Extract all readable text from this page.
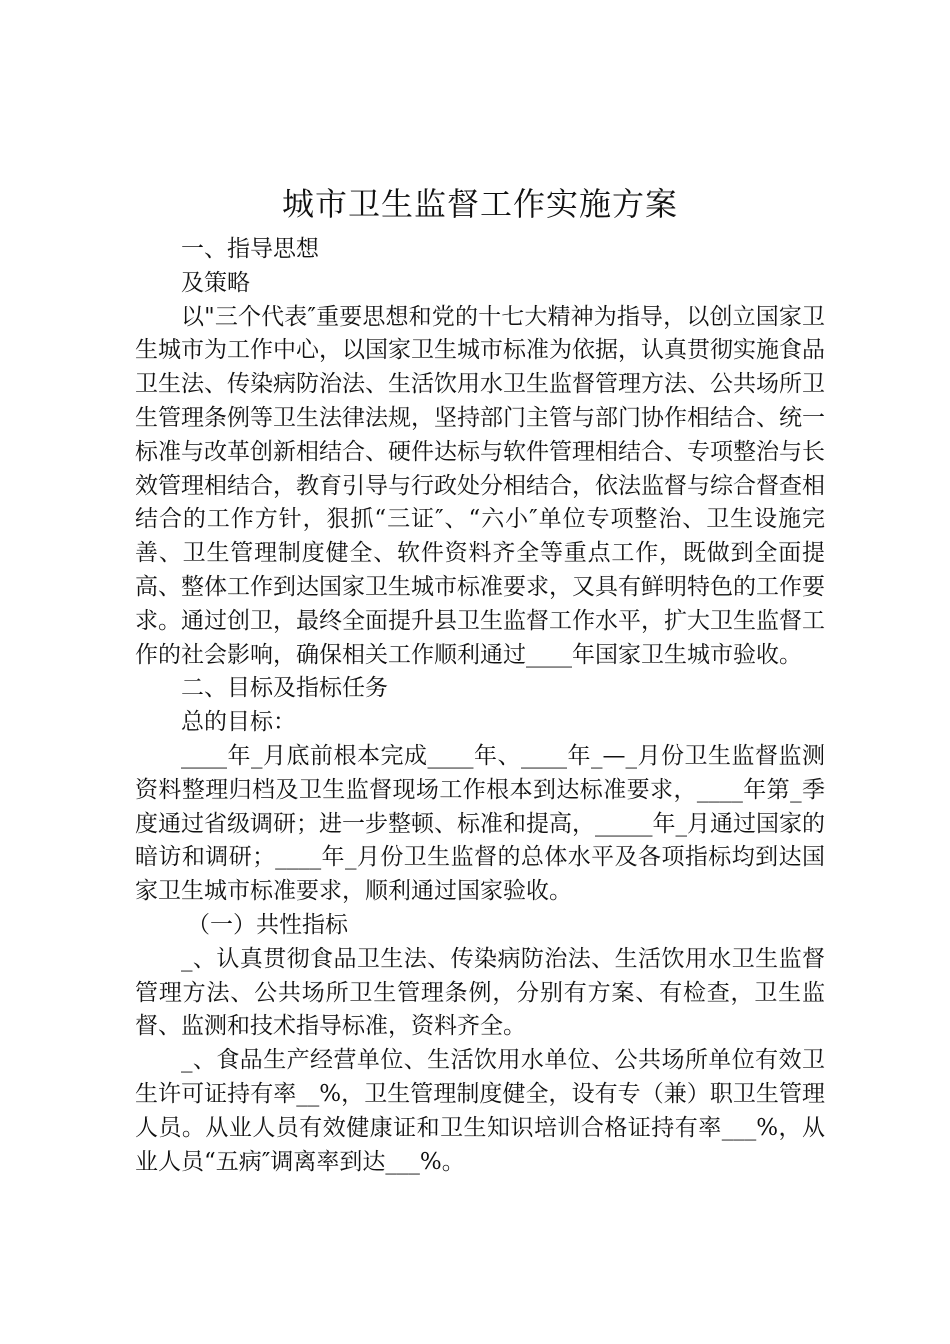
城市卫生监督工作实施方案

一、指导思想

及策略

以"三个代表″重要思想和党的十七大精神为指导，以创立国家卫生城市为工作中心，以国家卫生城市标准为依据，认真贯彻实施食品卫生法、传染病防治法、生活饮用水卫生监督管理方法、公共场所卫生管理条例等卫生法律法规，坚持部门主管与部门协作相结合、统一标准与改革创新相结合、硬件达标与软件管理相结合、专项整治与长效管理相结合，教育引导与行政处分相结合，依法监督与综合督查相结合的工作方针，狠抓“三证″、“六小″单位专项整治、卫生设施完善、卫生管理制度健全、软件资料齐全等重点工作，既做到全面提高、整体工作到达国家卫生城市标准要求，又具有鲜明特色的工作要求。通过创卫，最终全面提升县卫生监督工作水平，扩大卫生监督工作的社会影响，确保相关工作顺利通过____年国家卫生城市验收。

二、目标及指标任务

总的目标：

____年_月底前根本完成____年、____年_—_月份卫生监督监测资料整理归档及卫生监督现场工作根本到达标准要求，____年第_季度通过省级调研；进一步整顿、标准和提高，_____年_月通过国家的暗访和调研；____年_月份卫生监督的总体水平及各项指标均到达国家卫生城市标准要求，顺利通过国家验收。

（一）共性指标

_、认真贯彻食品卫生法、传染病防治法、生活饮用水卫生监督管理方法、公共场所卫生管理条例，分别有方案、有检查，卫生监督、监测和技术指导标准，资料齐全。

_、食品生产经营单位、生活饮用水单位、公共场所单位有效卫生许可证持有率__%，卫生管理制度健全，设有专（兼）职卫生管理人员。从业人员有效健康证和卫生知识培训合格证持有率___%，从业人员“五病″调离率到达___%。
